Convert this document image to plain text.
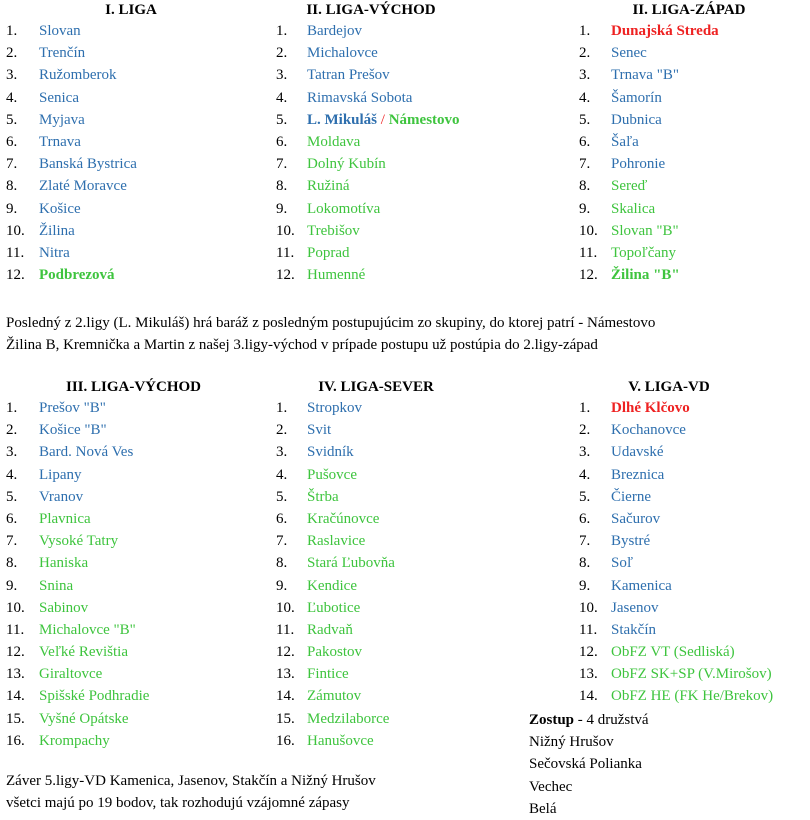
I. LIGA
1. Slovan
2. Trenčín
3. Ružomberok
4. Senica
5. Myjava
6. Trnava
7. Banská Bystrica
8. Zlaté Moravce
9. Košice
10. Žilina
11. Nitra
12. Podbrezová
II. LIGA-VÝCHOD
1. Bardejov
2. Michalovce
3. Tatran Prešov
4. Rimavská Sobota
5. L. Mikuláš / Námestovo
6. Moldava
7. Dolný Kubín
8. Ružiná
9. Lokomotíva
10. Trebišov
11. Poprad
12. Humenné
II. LIGA-ZÁPAD
1. Dunajská Streda
2. Senec
3. Trnava "B"
4. Šamorín
5. Dubnica
6. Šaľa
7. Pohronie
8. Sereď
9. Skalica
10. Slovan "B"
11. Topoľčany
12. Žilina "B"
Posledný z 2.ligy (L. Mikuláš) hrá baráž z posledným postupujúcim zo skupiny, do ktorej patrí - Námestovo
Žilina B, Kremnička a Martin z našej 3.ligy-východ v prípade postupu už postúpia do 2.ligy-západ
III. LIGA-VÝCHOD
1. Prešov "B"
2. Košice "B"
3. Bard. Nová Ves
4. Lipany
5. Vranov
6. Plavnica
7. Vysoké Tatry
8. Haniska
9. Snina
10. Sabinov
11. Michalovce "B"
12. Veľké Revištia
13. Giraltovce
14. Spišské Podhradie
15. Vyšné Opátske
16. Krompachy
IV. LIGA-SEVER
1. Stropkov
2. Svit
3. Svidník
4. Pušovce
5. Štrba
6. Kračúnovce
7. Raslavice
8. Stará Ľubovňa
9. Kendice
10. Ľubotice
11. Radvaň
12. Pakostov
13. Fintice
14. Zámutov
15. Medzilaborce
16. Hanušovce
V. LIGA-VD
1. Dlhé Klčovo
2. Kochanovce
3. Udavské
4. Breznica
5. Čierne
6. Sačurov
7. Bystré
8. Soľ
9. Kamenica
10. Jasenov
11. Stakčín
12. ObFZ VT (Sedliská)
13. ObFZ SK+SP (V.Mirošov)
14. ObFZ HE (FK He/Brekov)
Zostup - 4 družstvá
Nižný Hrušov
Sečovská Polianka
Vechec
Belá
Záver 5.ligy-VD Kamenica, Jasenov, Stakčín a Nižný Hrušov
všetci majú po 19 bodov, tak rozhodujú vzájomné zápasy
